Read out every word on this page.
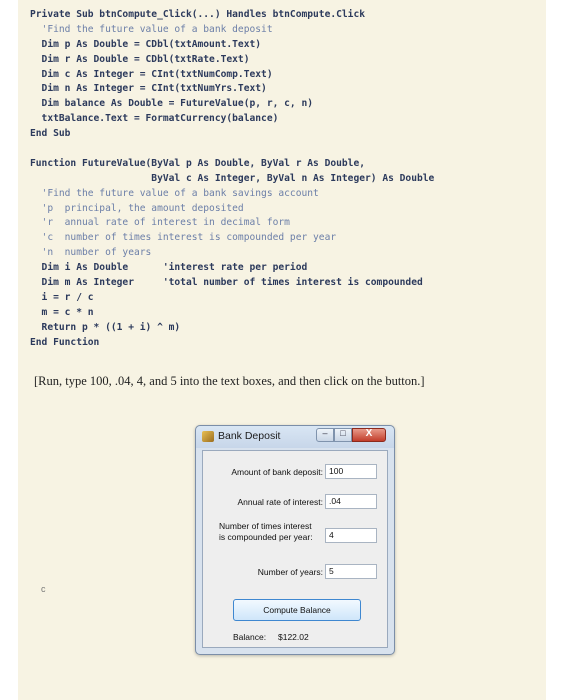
Private Sub btnCompute_Click(...) Handles btnCompute.Click
'Find the future value of a bank deposit
Dim p As Double = CDbl(txtAmount.Text)
Dim r As Double = CDbl(txtRate.Text)
Dim c As Integer = CInt(txtNumComp.Text)
Dim n As Integer = CInt(txtNumYrs.Text)
Dim balance As Double = FutureValue(p, r, c, n)
txtBalance.Text = FormatCurrency(balance)
End Sub
Function FutureValue(ByVal p As Double, ByVal r As Double,
ByVal c As Integer, ByVal n As Integer) As Double
'Find the future value of a bank savings account
'p  principal, the amount deposited
'r  annual rate of interest in decimal form
'c  number of times interest is compounded per year
'n  number of years
Dim i As Double      'interest rate per period
Dim m As Integer     'total number of times interest is compounded
i = r / c
m = c * n
Return p * ((1 + i) ^ m)
End Function
[Run, type 100, .04, 4, and 5 into the text boxes, and then click on the button.]
c
Bank Deposit	–	□	X
Amount of bank deposit: 100
Annual rate of interest: .04
Number of times interest
is compounded per year:	4
Number of years: 5
Compute Balance
Balance: $122.02
